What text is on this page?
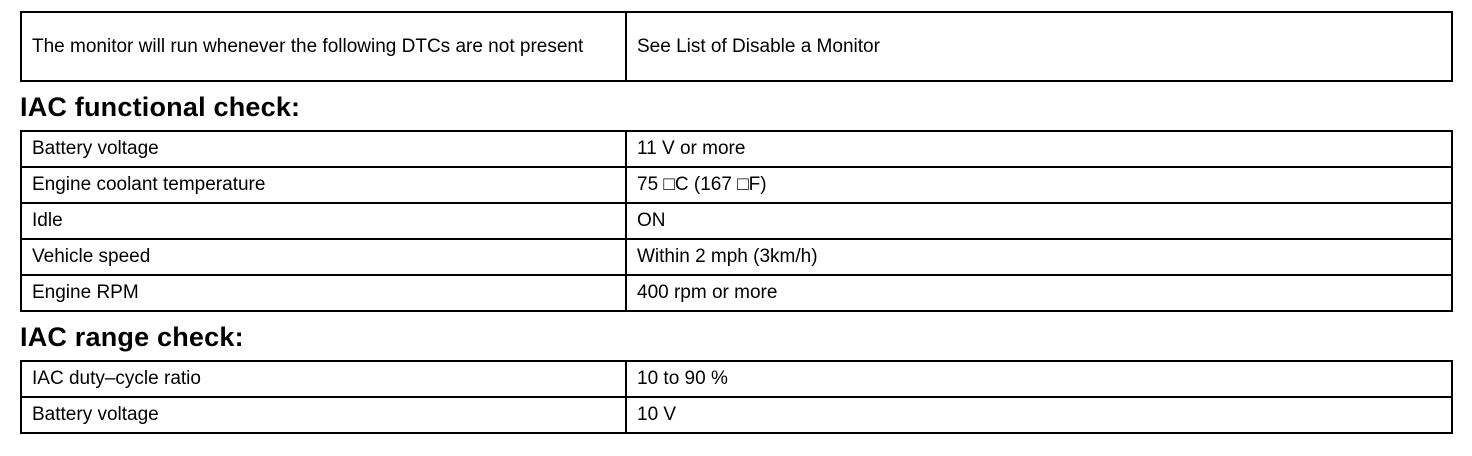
The monitor will run whenever the following DTCs are not present	See List of Disable a Monitor
IAC functional check:
Battery voltage	11 V or more
Engine coolant temperature	75 □C (167 □F)
Idle	ON
Vehicle speed	Within 2 mph (3km/h)
Engine RPM	400 rpm or more
IAC range check:
IAC duty–cycle ratio	10 to 90 %
Battery voltage	10 V
